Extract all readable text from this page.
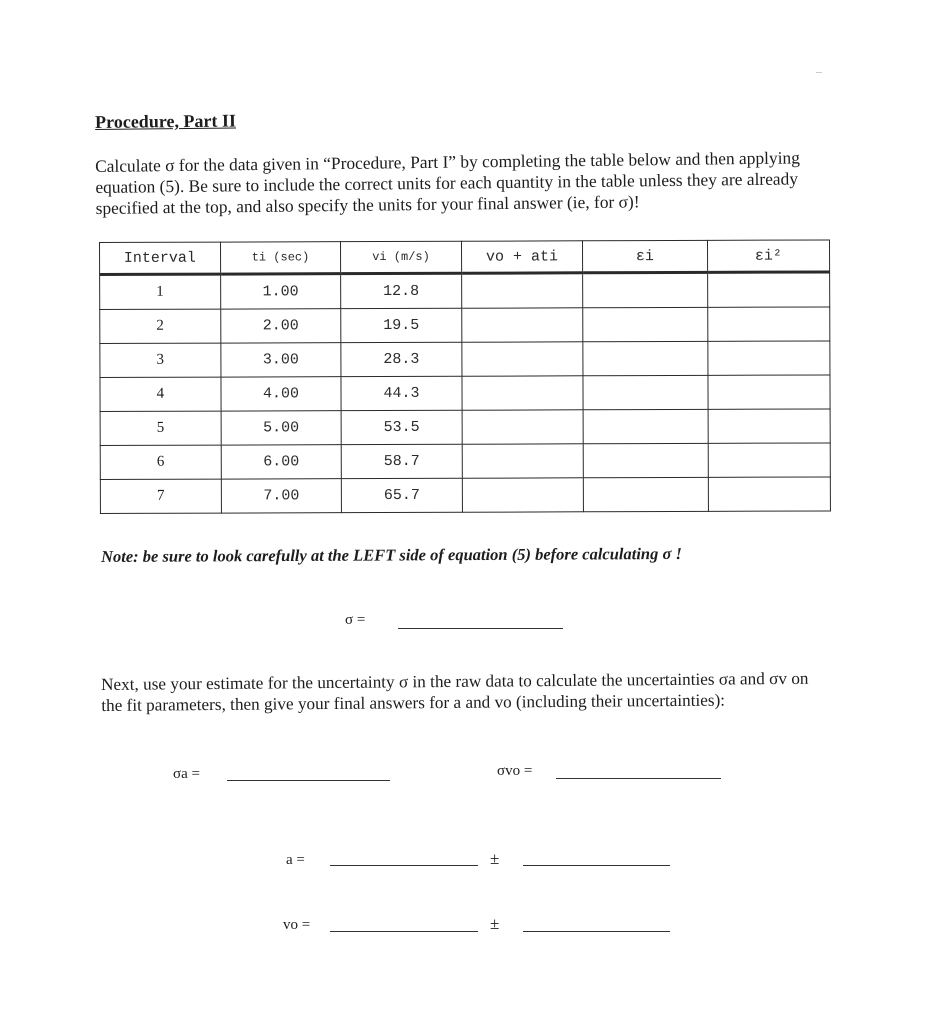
Procedure, Part II
Calculate σ for the data given in “Procedure, Part I” by completing the table below and then applying equation (5). Be sure to include the correct units for each quantity in the table unless they are already specified at the top, and also specify the units for your final answer (ie, for σ)!
Interval	ti (sec)	vi (m/s)	vo + ati	εi	εi²
1	1.00	12.8			
2	2.00	19.5			
3	3.00	28.3			
4	4.00	44.3			
5	5.00	53.5			
6	6.00	58.7			
7	7.00	65.7			
Note: be sure to look carefully at the LEFT side of equation (5) before calculating σ !
σ =
Next, use your estimate for the uncertainty σ in the raw data to calculate the uncertainties σa and σv on the fit parameters, then give your final answers for a and vo (including their uncertainties):
σa =	σvo =
a =	±
vo =	±
